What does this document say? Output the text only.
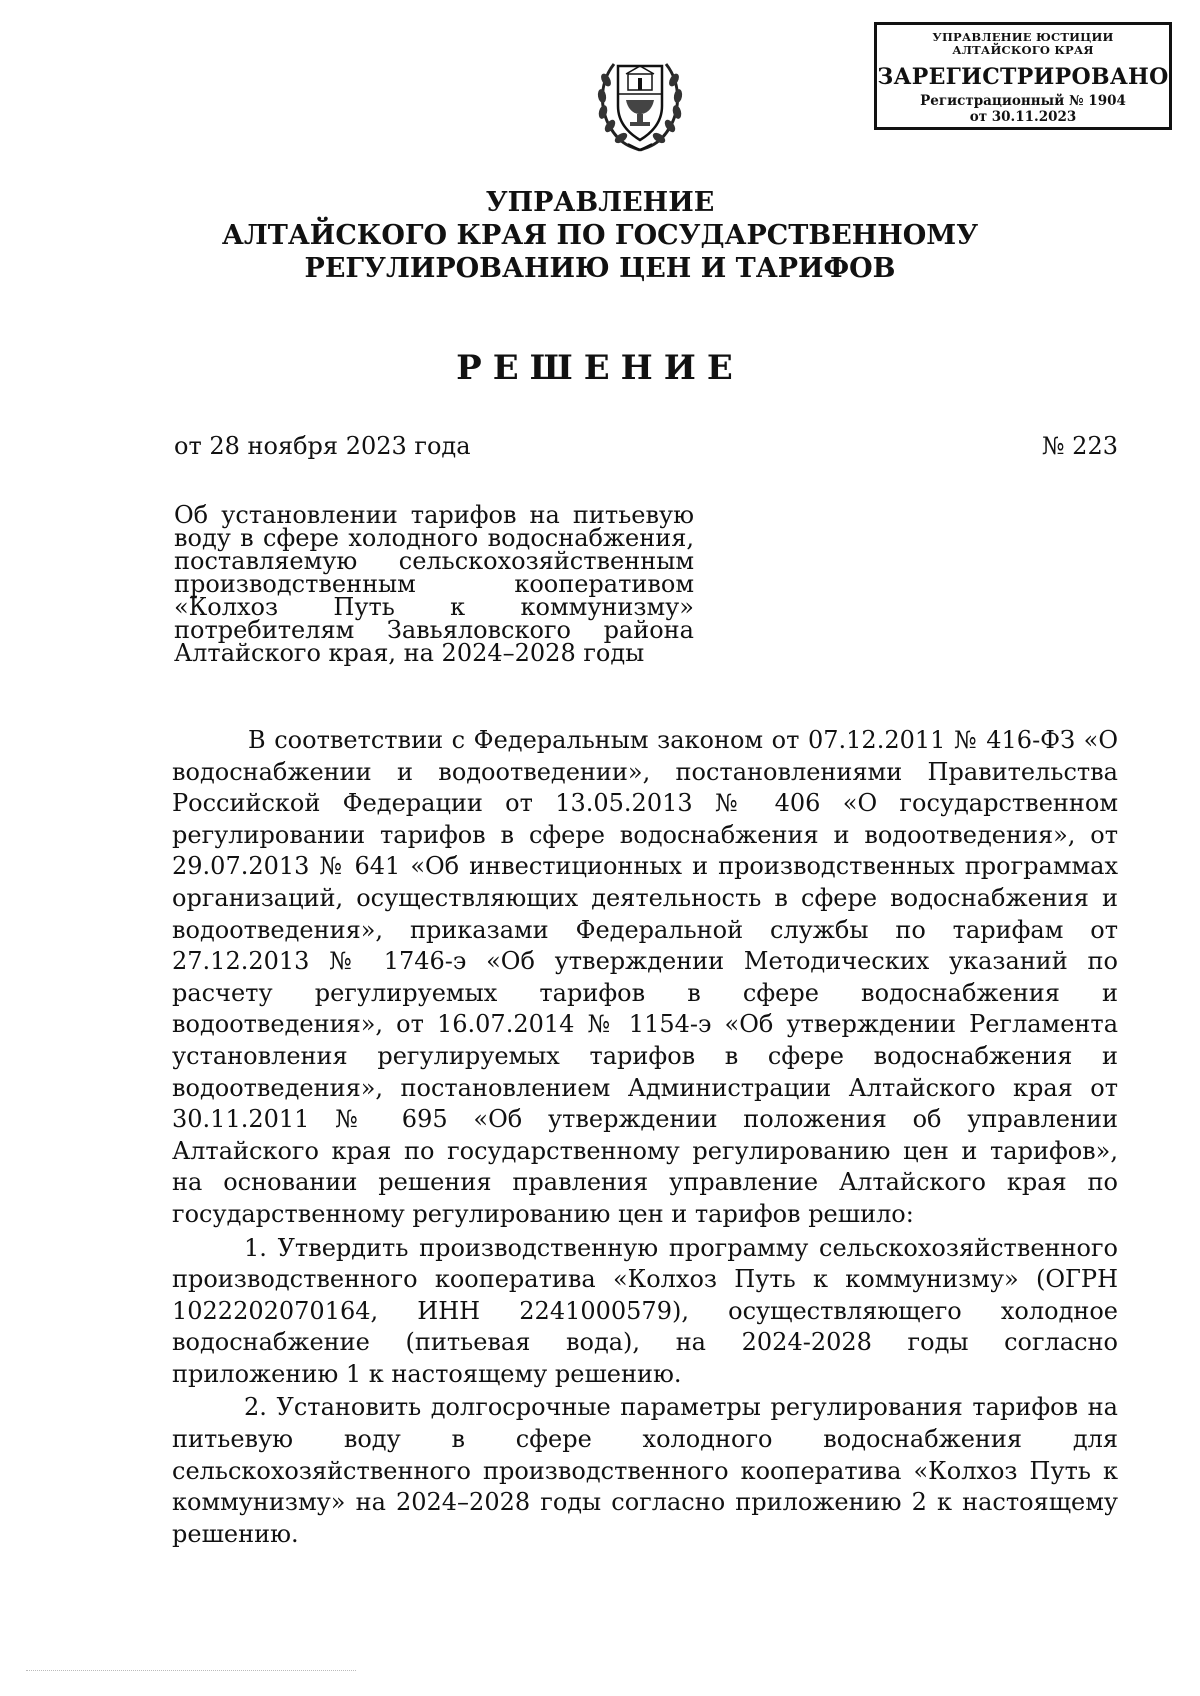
УПРАВЛЕНИЕ ЮСТИЦИИ
АЛТАЙСКОГО КРАЯ
ЗАРЕГИСТРИРОВАНО
Регистрационный № 1904
от 30.11.2023
УПРАВЛЕНИЕ
АЛТАЙСКОГО КРАЯ ПО ГОСУДАРСТВЕННОМУ
РЕГУЛИРОВАНИЮ ЦЕН И ТАРИФОВ
РЕШЕНИЕ
от 28 ноября 2023 года	№ 223
Об установлении тарифов на питьевую воду в сфере холодного водоснабжения, поставляемую сельскохозяйственным производственным кооперативом «Колхоз Путь к коммунизму» потребителям Завьяловского района Алтайского края, на 2024–2028 годы

В соответствии с Федеральным законом от 07.12.2011 № 416-ФЗ «О водоснабжении и водоотведении», постановлениями Правительства Российской Федерации от 13.05.2013 № 406 «О государственном регулировании тарифов в сфере водоснабжения и водоотведения», от 29.07.2013 № 641 «Об инвестиционных и производственных программах организаций, осуществляющих деятельность в сфере водоснабжения и водоотведения», приказами Федеральной службы по тарифам от 27.12.2013 № 1746-э «Об утверждении Методических указаний по расчету регулируемых тарифов в сфере водоснабжения и водоотведения», от 16.07.2014 № 1154-э «Об утверждении Регламента установления регулируемых тарифов в сфере водоснабжения и водоотведения», постановлением Администрации Алтайского края от 30.11.2011 № 695 «Об утверждении положения об управлении Алтайского края по государственному регулированию цен и тарифов», на основании решения правления управление Алтайского края по государственному регулированию цен и тарифов решило:

1. Утвердить производственную программу сельскохозяйственного производственного кооператива «Колхоз Путь к коммунизму» (ОГРН 1022202070164, ИНН 2241000579), осуществляющего холодное водоснабжение (питьевая вода), на 2024-2028 годы согласно приложению 1 к настоящему решению.

2. Установить долгосрочные параметры регулирования тарифов на питьевую воду в сфере холодного водоснабжения для сельскохозяйственного производственного кооператива «Колхоз Путь к коммунизму» на 2024–2028 годы согласно приложению 2 к настоящему решению.
